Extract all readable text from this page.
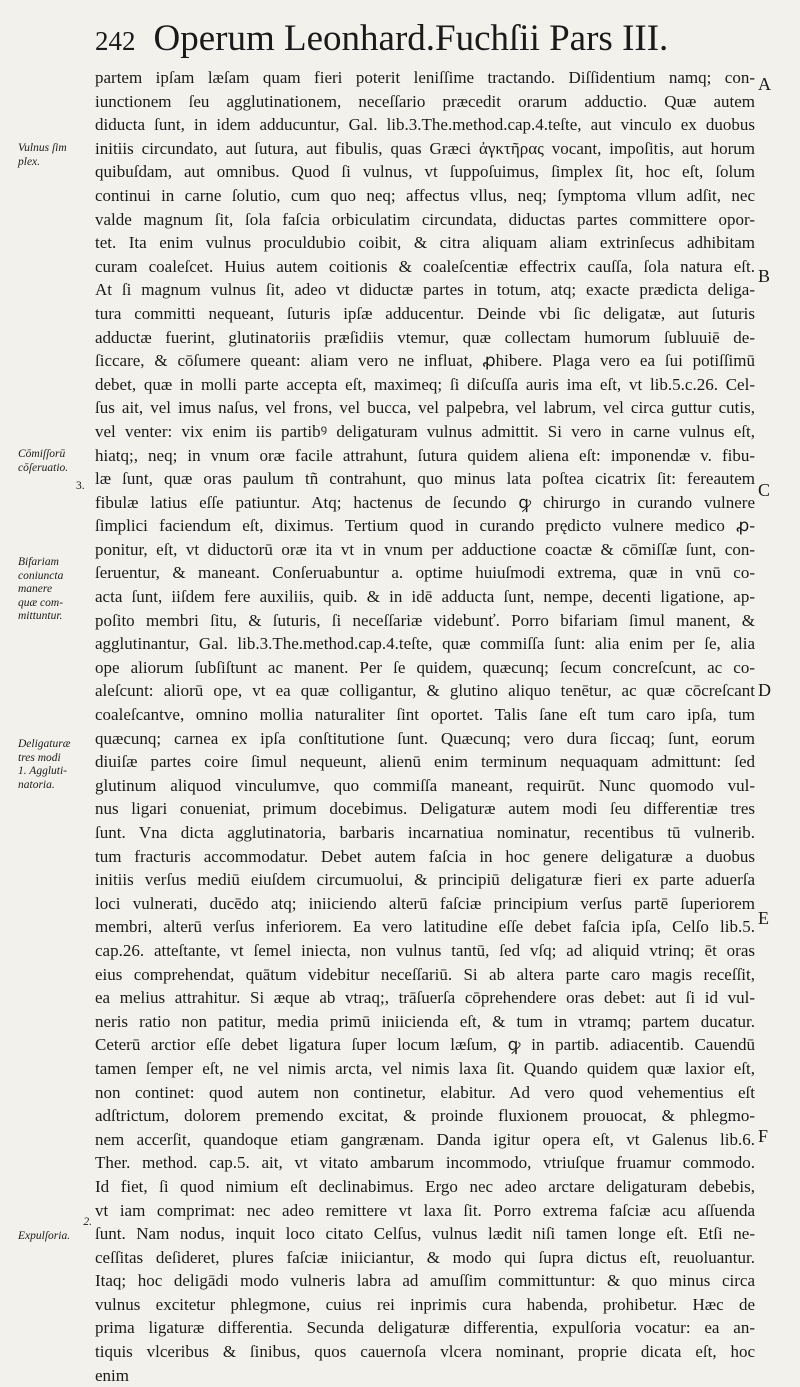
242 Operum Leonhard.Fuchſii Pars III.
partem ipſam læſam quam fieri poterit leniſſime tractando. Diſſidentium namq; con-
iunctionem ſeu agglutinationem, neceſſario præcedit orarum adductio. Quæ autem
diducta ſunt, in idem adducuntur, Gal. lib.3.The.method.cap.4.teſte, aut vinculo ex duobus
initiis circundato, aut ſutura, aut fibulis, quas Græci ἀγκτῆρας vocant, impoſitis, aut horum
quibuſdam, aut omnibus. Quod ſi vulnus, vt ſuppoſuimus, ſimplex ſit, hoc eſt, ſolum
continui in carne ſolutio, cum quo neq; affectus vllus, neq; ſymptoma vllum adſit, nec
valde magnum ſit, ſola faſcia orbiculatim circundata, diductas partes committere opor-
tet. Ita enim vulnus proculdubio coibit, & citra aliquam aliam extrinſecus adhibitam
curam coaleſcet. Huius autem coitionis & coaleſcentiæ effectrix cauſſa, ſola natura eſt.
At ſi magnum vulnus ſit, adeo vt diductæ partes in totum, atq; exacte prædicta deliga-
tura committi nequeant, ſuturis ipſæ adducentur. Deinde vbi ſic deligatæ, aut ſuturis
adductæ fuerint, glutinatoriis præſidiis vtemur, quæ collectam humorum ſubluuiē de-
ſiccare, & cōſumere queant: aliam vero ne influat, ꝓhibere. Plaga vero ea ſui potiſſimū
debet, quæ in molli parte accepta eſt, maximeq; ſi diſcuſſa auris ima eſt, vt lib.5.c.26. Cel-
ſus ait, vel imus naſus, vel frons, vel bucca, vel palpebra, vel labrum, vel circa guttur cutis,
vel venter: vix enim iis partibꝰ deligaturam vulnus admittit. Si vero in carne vulnus eſt,
hiatq;, neq; in vnum oræ facile attrahunt, ſutura quidem aliena eſt: imponendæ v. fibu-
læ ſunt, quæ oras paulum tñ contrahunt, quo minus lata poſtea cicatrix ſit: fereautem
fibulæ latius eſſe patiuntur. Atq; hactenus de ſecundo ꝙ chirurgo in curando vulnere
ſimplici faciendum eſt, diximus. Tertium quod in curando prędicto vulnere medico ꝓ-
ponitur, eſt, vt diductorū oræ ita vt in vnum per adductione coactæ & cōmiſſæ ſunt, con-
ſeruentur, & maneant. Conſeruabuntur a. optime huiuſmodi extrema, quæ in vnū co-
acta ſunt, iiſdem fere auxiliis, quib. & in idē adducta ſunt, nempe, decenti ligatione, ap-
poſito membri ſitu, & ſuturis, ſi neceſſariæ videbunť. Porro bifariam ſimul manent, &
agglutinantur, Gal. lib.3.The.method.cap.4.teſte, quæ commiſſa ſunt: alia enim per ſe, alia
ope aliorum ſubſiſtunt ac manent. Per ſe quidem, quæcunq; ſecum concreſcunt, ac co-
aleſcunt: aliorū ope, vt ea quæ colligantur, & glutino aliquo tenētur, ac quæ cōcreſcant
coaleſcantve, omnino mollia naturaliter ſint oportet. Talis ſane eſt tum caro ipſa, tum
quæcunq; carnea ex ipſa conſtitutione ſunt. Quæcunq; vero dura ſiccaq; ſunt, eorum
diuiſæ partes coire ſimul nequeunt, alienū enim terminum nequaquam admittunt: ſed
glutinum aliquod vinculumve, quo commiſſa maneant, requirūt. Nunc quomodo vul-
nus ligari conueniat, primum docebimus. Deligaturæ autem modi ſeu differentiæ tres
ſunt. Vna dicta agglutinatoria, barbaris incarnatiua nominatur, recentibus tū vulnerib.
tum fracturis accommodatur. Debet autem faſcia in hoc genere deligaturæ a duobus
initiis verſus mediū eiuſdem circumuolui, & principiū deligaturæ fieri ex parte aduerſa
loci vulnerati, ducēdo atq; iniiciendo alterū faſciæ principium verſus partē ſuperiorem
membri, alterū verſus inferiorem. Ea vero latitudine eſſe debet faſcia ipſa, Celſo lib.5.
cap.26. atteſtante, vt ſemel iniecta, non vulnus tantū, ſed vſq; ad aliquid vtrinq; ēt oras
eius comprehendat, quātum videbitur neceſſariū. Si ab altera parte caro magis receſſit,
ea melius attrahitur. Si æque ab vtraq;, trāſuerſa cōprehendere oras debet: aut ſi id vul-
neris ratio non patitur, media primū iniicienda eſt, & tum in vtramq; partem ducatur.
Ceterū arctior eſſe debet ligatura ſuper locum læſum, ꝙ in partib. adiacentib. Cauendū
tamen ſemper eſt, ne vel nimis arcta, vel nimis laxa ſit. Quando quidem quæ laxior eſt,
non continet: quod autem non continetur, elabitur. Ad vero quod vehementius eſt
adſtrictum, dolorem premendo excitat, & proinde fluxionem prouocat, & phlegmo-
nem accerſit, quandoque etiam gangrænam. Danda igitur opera eſt, vt Galenus lib.6.
Ther. method. cap.5. ait, vt vitato ambarum incommodo, vtriuſque fruamur commodo.
Id fiet, ſi quod nimium eſt declinabimus. Ergo nec adeo arctare deligaturam debebis,
vt iam comprimat: nec adeo remittere vt laxa ſit. Porro extrema faſciæ acu aſſuenda
ſunt. Nam nodus, inquit loco citato Celſus, vulnus lædit niſi tamen longe eſt. Etſi ne-
ceſſitas deſideret, plures faſciæ iniiciantur, & modo qui ſupra dictus eſt, reuoluantur.
Itaq; hoc deligādi modo vulneris labra ad amuſſim committuntur: & quo minus circa
vulnus excitetur phlegmone, cuius rei inprimis cura habenda, prohibetur. Hæc de
prima ligaturæ differentia. Secunda deligaturæ differentia, expulſoria vocatur: ea an-
tiquis vlceribus & ſinibus, quos cauernoſa vlcera nominant, proprie dicata eſt, hoc
enim
Vulnus ſim
plex.
Cōmiſſorū
cōſeruatio.
3.
Bifariam
coniuncta
manere
quæ com-
mittuntur.
Deligaturæ
tres modi
1. Aggluti-
natoria.
2.
Expulſoria.
A
B
C
D
E
F
